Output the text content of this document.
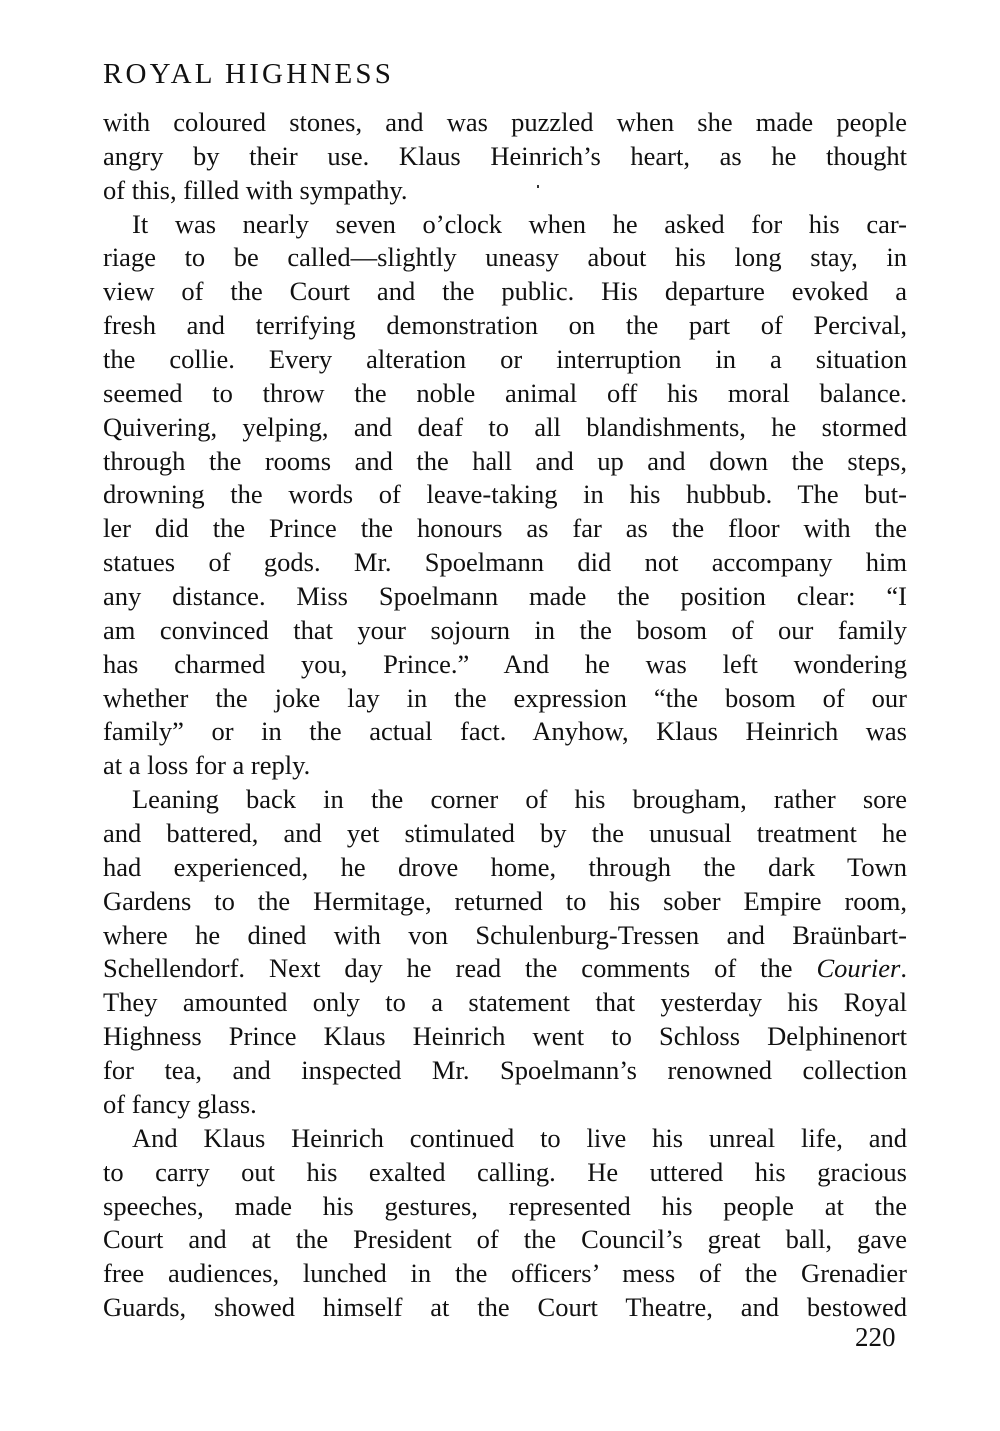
ROYAL HIGHNESS
with coloured stones, and was puzzled when she made people
angry by their use. Klaus Heinrich’s heart, as he thought
of this, filled with sympathy.
It was nearly seven o’clock when he asked for his car-
riage to be called—slightly uneasy about his long stay, in
view of the Court and the public. His departure evoked a
fresh and terrifying demonstration on the part of Percival,
the collie. Every alteration or interruption in a situation
seemed to throw the noble animal off his moral balance.
Quivering, yelping, and deaf to all blandishments, he stormed
through the rooms and the hall and up and down the steps,
drowning the words of leave-taking in his hubbub. The but-
ler did the Prince the honours as far as the floor with the
statues of gods. Mr. Spoelmann did not accompany him
any distance. Miss Spoelmann made the position clear: “I
am convinced that your sojourn in the bosom of our family
has charmed you, Prince.” And he was left wondering
whether the joke lay in the expression “the bosom of our
family” or in the actual fact. Anyhow, Klaus Heinrich was
at a loss for a reply.
Leaning back in the corner of his brougham, rather sore
and battered, and yet stimulated by the unusual treatment he
had experienced, he drove home, through the dark Town
Gardens to the Hermitage, returned to his sober Empire room,
where he dined with von Schulenburg-Tressen and Braünbart-
Schellendorf. Next day he read the comments of the Courier.
They amounted only to a statement that yesterday his Royal
Highness Prince Klaus Heinrich went to Schloss Delphinenort
for tea, and inspected Mr. Spoelmann’s renowned collection
of fancy glass.
And Klaus Heinrich continued to live his unreal life, and
to carry out his exalted calling. He uttered his gracious
speeches, made his gestures, represented his people at the
Court and at the President of the Council’s great ball, gave
free audiences, lunched in the officers’ mess of the Grenadier
Guards, showed himself at the Court Theatre, and bestowed
220
